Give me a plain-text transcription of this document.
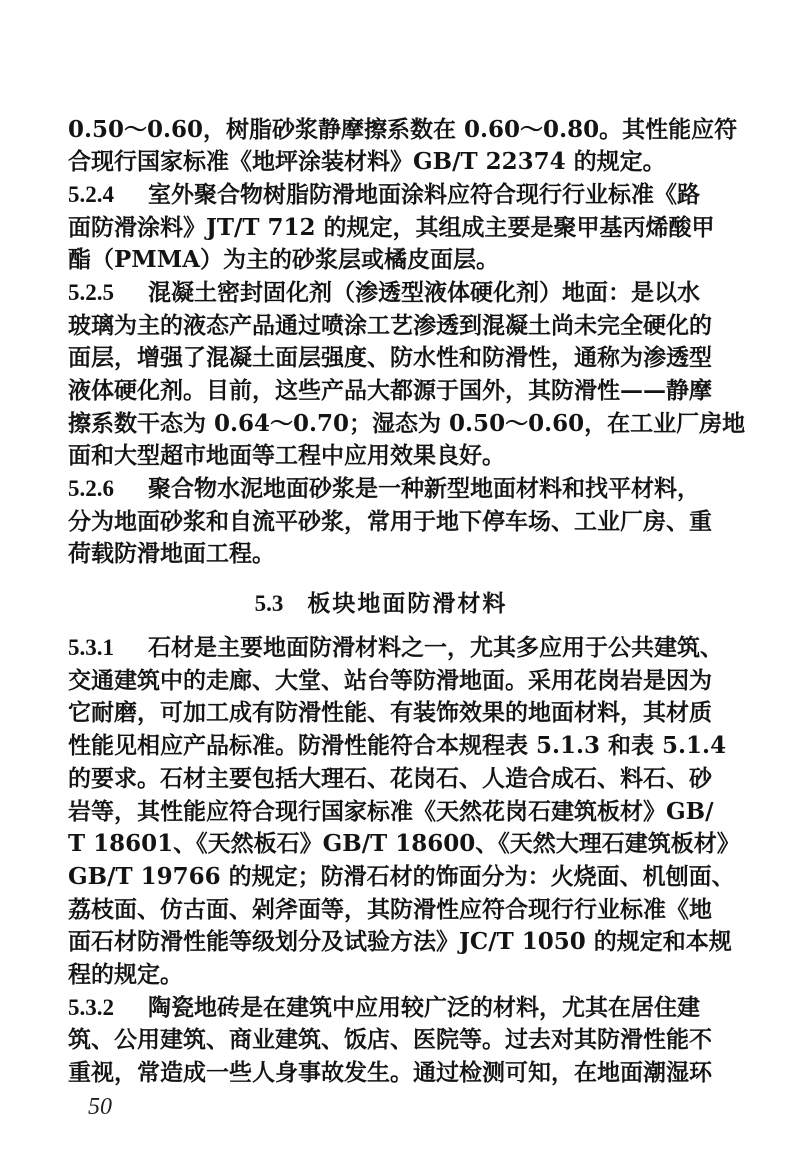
0.50～0.60，树脂砂浆静摩擦系数在 0.60～0.80。其性能应符
合现行国家标准《地坪涂装材料》GB/T 22374 的规定。
5.2.4 室外聚合物树脂防滑地面涂料应符合现行行业标准《路
面防滑涂料》JT/T 712 的规定，其组成主要是聚甲基丙烯酸甲
酯（PMMA）为主的砂浆层或橘皮面层。
5.2.5 混凝土密封固化剂（渗透型液体硬化剂）地面：是以水
玻璃为主的液态产品通过喷涂工艺渗透到混凝土尚未完全硬化的
面层，增强了混凝土面层强度、防水性和防滑性，通称为渗透型
液体硬化剂。目前，这些产品大都源于国外，其防滑性——静摩
擦系数干态为 0.64～0.70；湿态为 0.50～0.60，在工业厂房地
面和大型超市地面等工程中应用效果良好。
5.2.6 聚合物水泥地面砂浆是一种新型地面材料和找平材料，
分为地面砂浆和自流平砂浆，常用于地下停车场、工业厂房、重
荷载防滑地面工程。
5.3 板块地面防滑材料
5.3.1 石材是主要地面防滑材料之一，尤其多应用于公共建筑、
交通建筑中的走廊、大堂、站台等防滑地面。采用花岗岩是因为
它耐磨，可加工成有防滑性能、有装饰效果的地面材料，其材质
性能见相应产品标准。防滑性能符合本规程表 5.1.3 和表 5.1.4
的要求。石材主要包括大理石、花岗石、人造合成石、料石、砂
岩等，其性能应符合现行国家标准《天然花岗石建筑板材》GB/
T 18601、《天然板石》GB/T 18600、《天然大理石建筑板材》
GB/T 19766 的规定；防滑石材的饰面分为：火烧面、机刨面、
荔枝面、仿古面、剁斧面等，其防滑性应符合现行行业标准《地
面石材防滑性能等级划分及试验方法》JC/T 1050 的规定和本规
程的规定。
5.3.2 陶瓷地砖是在建筑中应用较广泛的材料，尤其在居住建
筑、公用建筑、商业建筑、饭店、医院等。过去对其防滑性能不
重视，常造成一些人身事故发生。通过检测可知，在地面潮湿环
50
